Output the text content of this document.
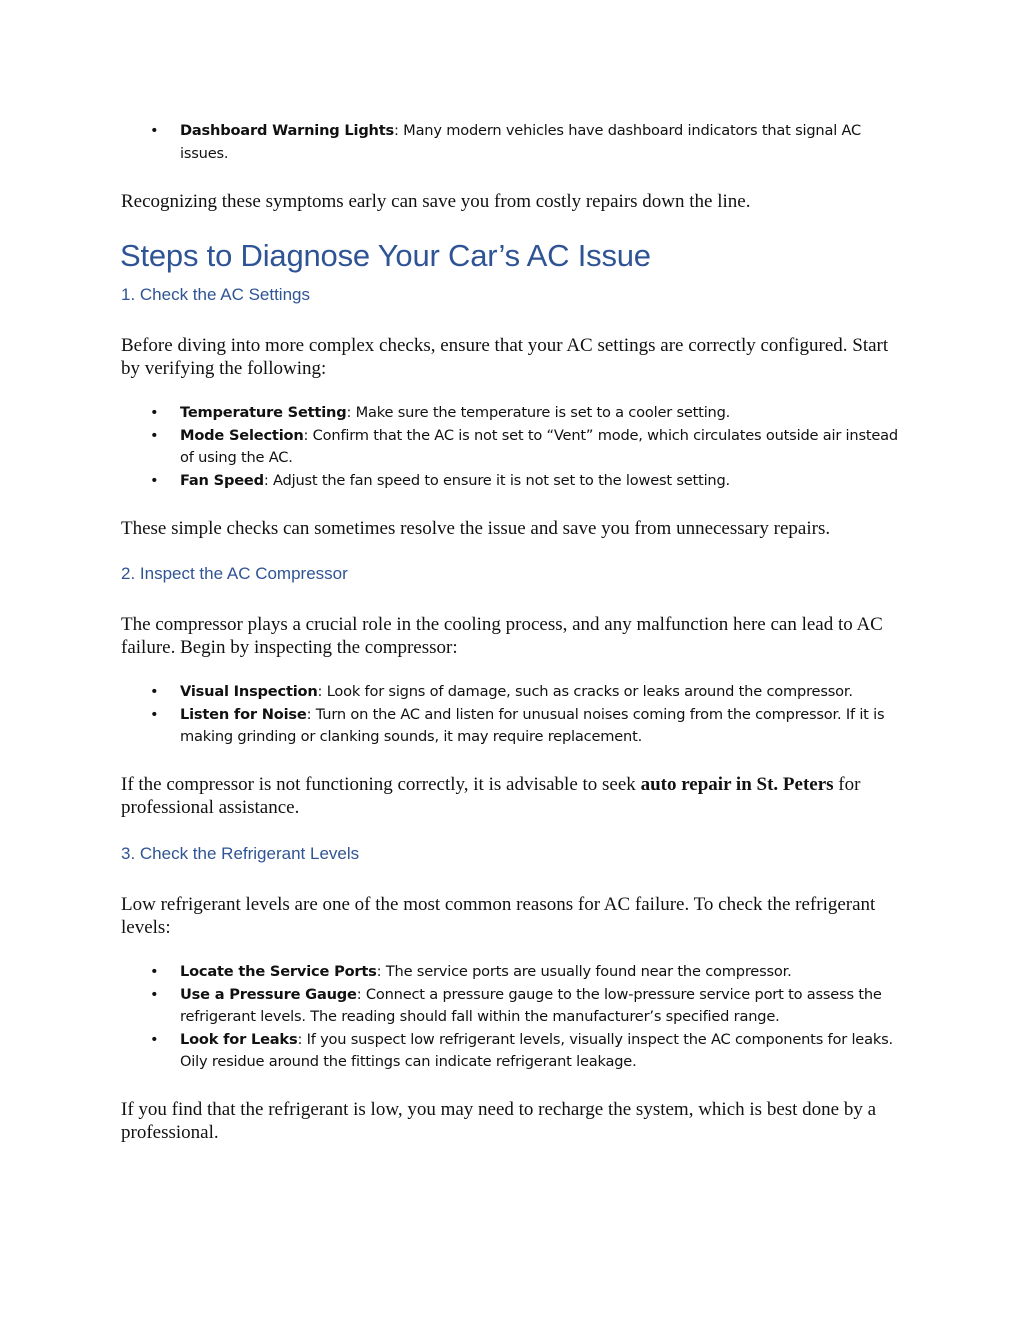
• Dashboard Warning Lights: Many modern vehicles have dashboard indicators that signal AC issues.

Recognizing these symptoms early can save you from costly repairs down the line.

Steps to Diagnose Your Car’s AC Issue
1. Check the AC Settings

Before diving into more complex checks, ensure that your AC settings are correctly configured. Start by verifying the following:

• Temperature Setting: Make sure the temperature is set to a cooler setting.
• Mode Selection: Confirm that the AC is not set to “Vent” mode, which circulates outside air instead of using the AC.
• Fan Speed: Adjust the fan speed to ensure it is not set to the lowest setting.

These simple checks can sometimes resolve the issue and save you from unnecessary repairs.

2. Inspect the AC Compressor

The compressor plays a crucial role in the cooling process, and any malfunction here can lead to AC failure. Begin by inspecting the compressor:

• Visual Inspection: Look for signs of damage, such as cracks or leaks around the compressor.
• Listen for Noise: Turn on the AC and listen for unusual noises coming from the compressor. If it is making grinding or clanking sounds, it may require replacement.

If the compressor is not functioning correctly, it is advisable to seek auto repair in St. Peters for professional assistance.

3. Check the Refrigerant Levels

Low refrigerant levels are one of the most common reasons for AC failure. To check the refrigerant levels:

• Locate the Service Ports: The service ports are usually found near the compressor.
• Use a Pressure Gauge: Connect a pressure gauge to the low-pressure service port to assess the refrigerant levels. The reading should fall within the manufacturer’s specified range.
• Look for Leaks: If you suspect low refrigerant levels, visually inspect the AC components for leaks. Oily residue around the fittings can indicate refrigerant leakage.

If you find that the refrigerant is low, you may need to recharge the system, which is best done by a professional.
